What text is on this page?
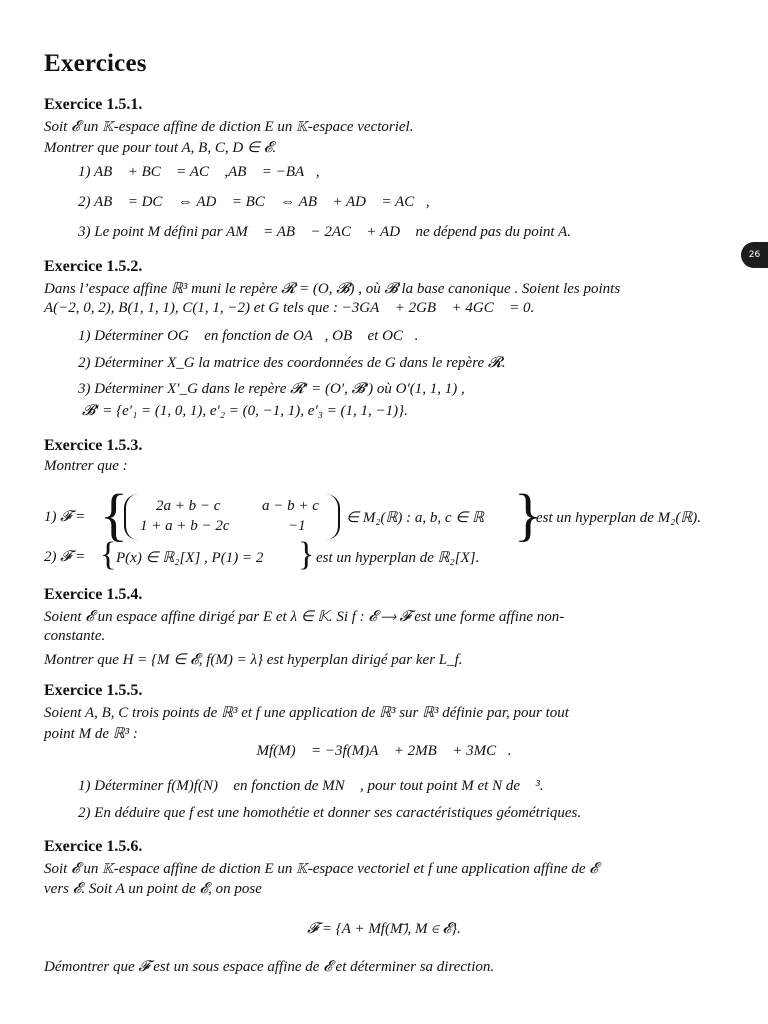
26
Exercices

Exercice 1.5.1.

Soit 𝓔 un 𝕂-espace affine de diction E un 𝕂-espace vectoriel.

Montrer que pour tout A, B, C, D ∈ 𝓔.

1) AB⃗ + BC⃗ = AC⃗ ,AB⃗ = −BA⃗,

2) AB⃗ = DC⃗ ⇔ AD⃗ = BC⃗ ⇔ AB⃗ + AD⃗ = AC⃗,

3) Le point M défini par AM⃗ = AB⃗ − 2AC⃗ + AD⃗ ne dépend pas du point A.

Exercice 1.5.2.

Dans l’espace affine ℝ³ muni le repère 𝓡 = (O, 𝓑) , où 𝓑 la base canonique . Soient les points

A(−2, 0, 2), B(1, 1, 1), C(1, 1, −2) et G tels que : −3GA⃗ + 2GB⃗ + 4GC⃗ = 0.

1) Déterminer OG⃗ en fonction de OA⃗, OB⃗ et OC⃗.

2) Déterminer X_G la matrice des coordonnées de G dans le repère 𝓡.

3) Déterminer X′_G dans le repère 𝓡′ = (O′, 𝓑′) où O′(1, 1, 1) ,

𝓑′ = {e′₁ = (1, 0, 1), e′₂ = (0, −1, 1), e′₃ = (1, 1, −1)}.

Exercice 1.5.3.

Montrer que :

1) 𝓕 = { 2a + b − c	a − b + c
1 + a + b − 2c	−1	∈ M₂(ℝ) : a, b, c ∈ ℝ }

est un hyperplan de M₂(ℝ).

2) 𝓕 = { P(x) ∈ ℝ₂[X] , P(1) = 2 } est un hyperplan de ℝ₂[X].

Exercice 1.5.4.

Soient 𝓔 un espace affine dirigé par E et λ ∈ 𝕂. Si f : 𝓔 ⟶ 𝓕 est une forme affine non-

constante.

Montrer que H = {M ∈ 𝓔, f(M) = λ} est hyperplan dirigé par ker L_f.

Exercice 1.5.5.

Soient A, B, C trois points de ℝ³ et f une application de ℝ³ sur ℝ³ définie par, pour tout

point M de ℝ³ :

Mf(M)⃗ = −3f(M)A⃗ + 2MB⃗ + 3MC⃗.

1) Déterminer f(M)f(N)⃗ en fonction de MN⃗ , pour tout point M et N de ℝ³.

2) En déduire que f est une homothétie et donner ses caractéristiques géométriques.

Exercice 1.5.6.

Soit 𝓔 un 𝕂-espace affine de diction E un 𝕂-espace vectoriel et f une application affine de 𝓔

vers 𝓔. Soit A un point de 𝓔, on pose

𝓕 = {A + Mf(M)⃗, M ∈ 𝓔}.

Démontrer que 𝓕 est un sous espace affine de 𝓔 et déterminer sa direction.
